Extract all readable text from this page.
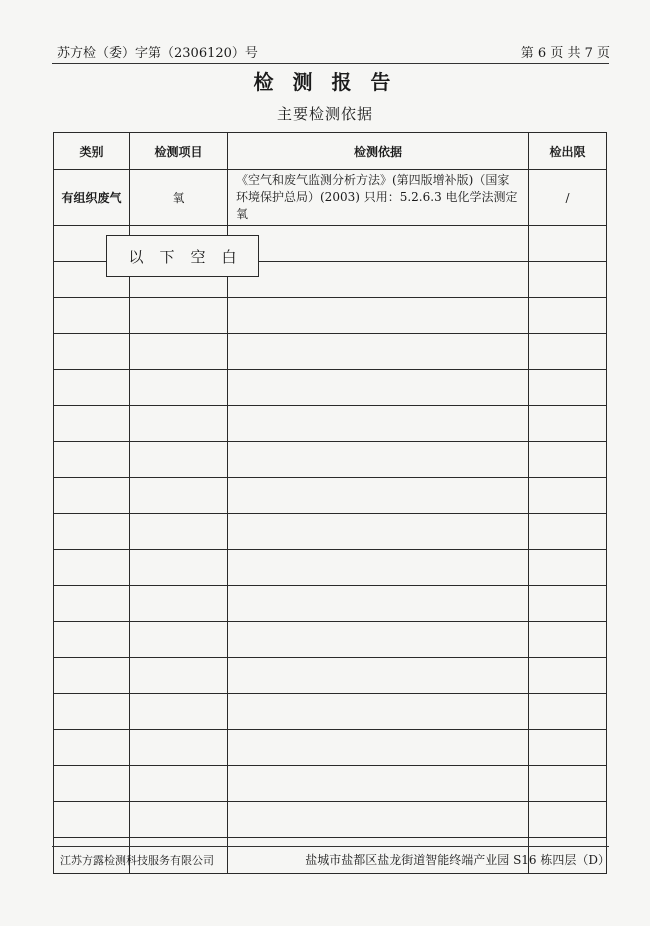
苏方检（委）字第（2306120）号	第 6 页 共 7 页
检 测 报 告
主要检测依据
类别	检测项目	检测依据	检出限

有组织废气	氧	《空气和废气监测分析方法》(第四版增补版)（国家环境保护总局）(2003) 只用：5.2.6.3 电化学法测定氧	/

以下空白
江苏方露检测科技服务有限公司	盐城市盐都区盐龙街道智能终端产业园 S16 栋四层（D）
